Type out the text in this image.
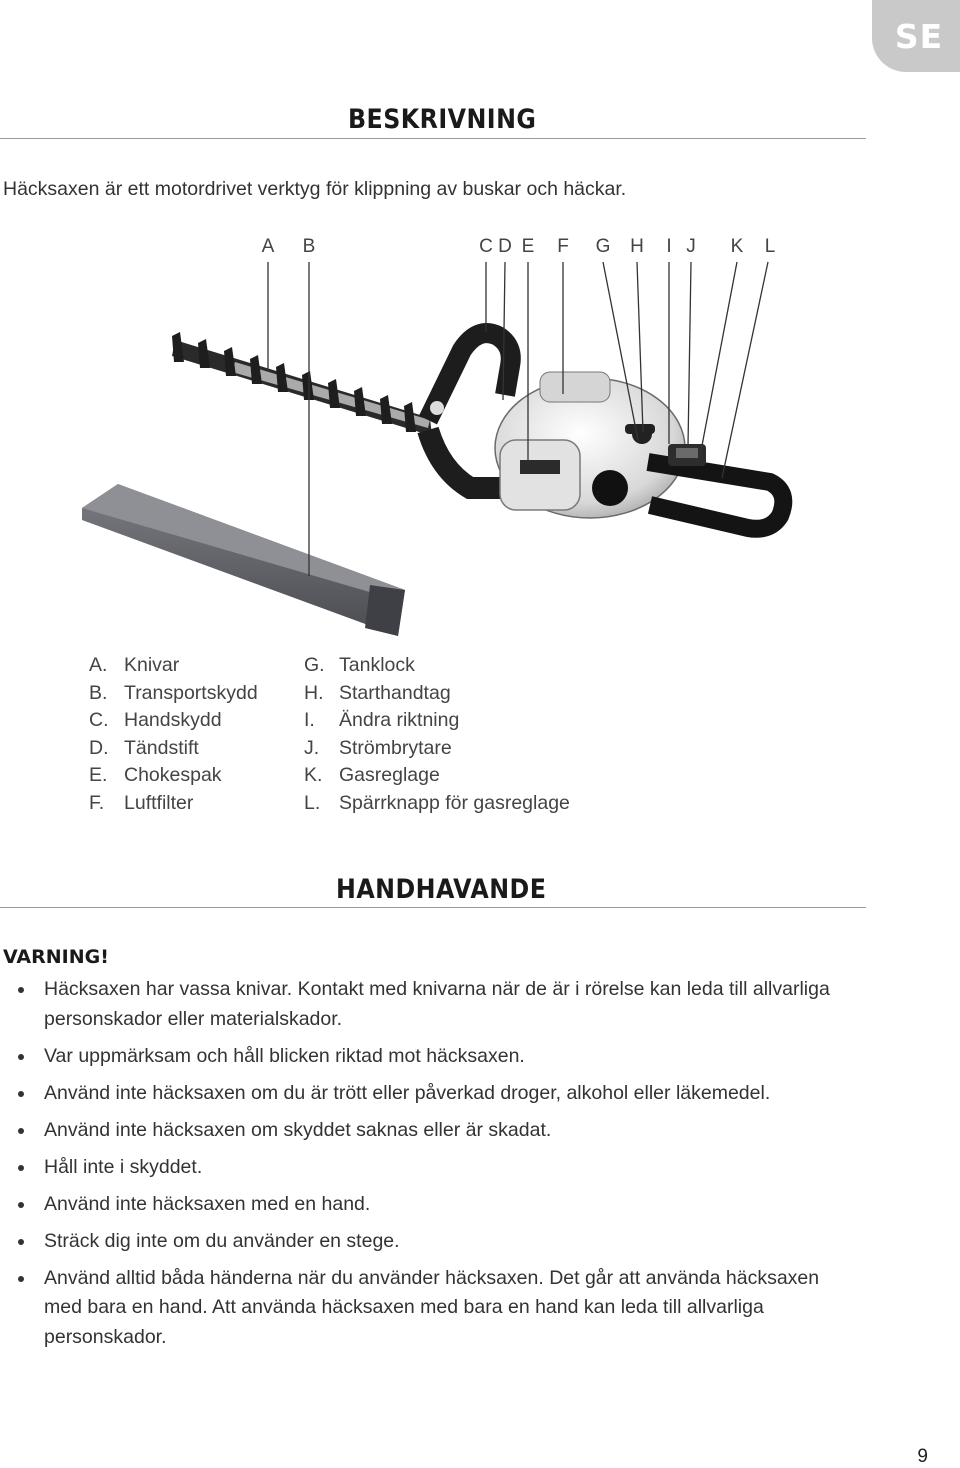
SE
BESKRIVNING
Häcksaxen är ett motordrivet verktyg för klippning av buskar och häckar.
A B	C D E F G H I J K L
A. Knivar
B. Transportskydd
C. Handskydd
D. Tändstift
E. Chokespak
F.	Luftfilter
G. Tanklock
H. Starthandtag
I.	Ändra riktning
J.	Strömbrytare
K. Gasreglage
L. Spärrknapp för gasreglage
HANDHAVANDE
VARNING!
Häcksaxen har vassa knivar. Kontakt med knivarna när de är i rörelse kan leda till allvarliga personskador eller materialskador.
Var uppmärksam och håll blicken riktad mot häcksaxen.
Använd inte häcksaxen om du är trött eller påverkad droger, alkohol eller läkemedel.
Använd inte häcksaxen om skyddet saknas eller är skadat.
Håll inte i skyddet.
Använd inte häcksaxen med en hand.
Sträck dig inte om du använder en stege.
Använd alltid båda händerna när du använder häcksaxen. Det går att använda häcksaxen med bara en hand. Att använda häcksaxen med bara en hand kan leda till allvarliga personskador.
9
